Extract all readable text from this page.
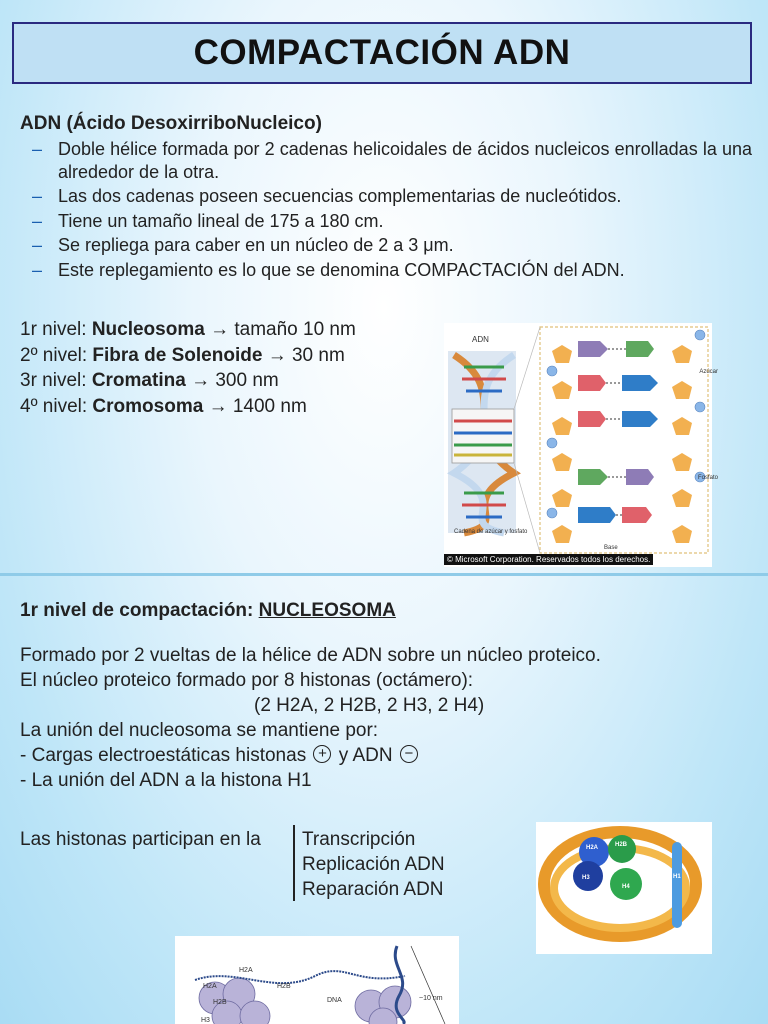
COMPACTACIÓN ADN
ADN (Ácido DesoxirriboNucleico)
– Doble hélice formada por 2 cadenas helicoidales de ácidos nucleicos enrolladas la una alrededor de la otra.
– Las dos cadenas poseen secuencias complementarias de nucleótidos.
– Tiene un tamaño lineal de 175 a 180 cm.
– Se repliega para caber en un núcleo de 2 a 3 μm.
– Este replegamiento es lo que se denomina COMPACTACIÓN del ADN.
1r nivel: Nucleosoma → tamaño 10 nm
2º nivel: Fibra de Solenoide → 30 nm
3r nivel: Cromatina → 300 nm
4º nivel: Cromosoma → 1400 nm
ADN
Azúcar
Fosfato
Base
Cadena de azúcar y fosfato
© Microsoft Corporation. Reservados todos los derechos.
1r nivel de compactación: NUCLEOSOMA
Formado por 2 vueltas de la hélice de ADN sobre un núcleo proteico.
El núcleo proteico formado por 8 histonas (octámero):
(2 H2A, 2 H2B, 2 H3, 2 H4)
La unión del nucleosoma se mantiene por:
- Cargas electroestáticas histonas + y ADN −
- La unión del ADN a la histona H1
Las histonas participan en la Transcripción
Replicación ADN
Reparación ADN
H2A	H2B
H3
H4
H1
H2A
H2A	H2B
H2B
H3
DNA	~10 nm
